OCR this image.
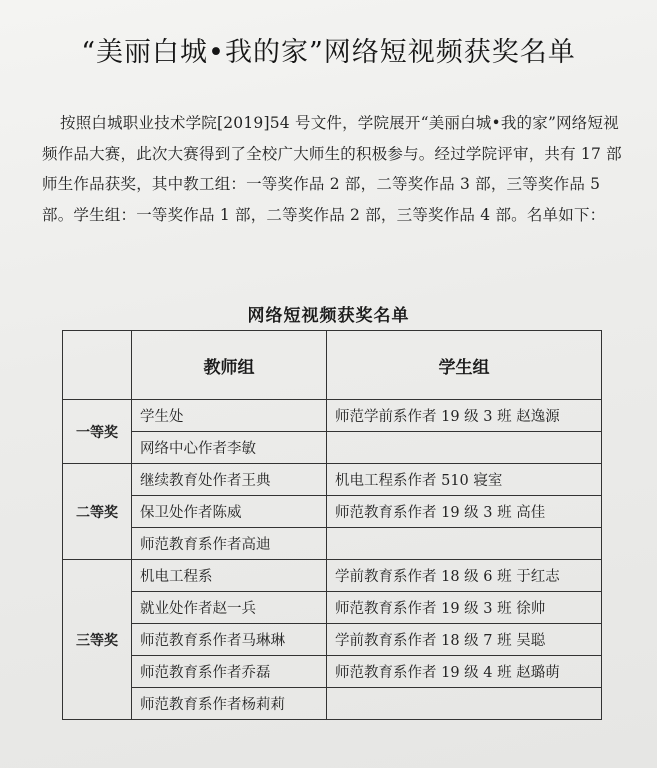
“美丽白城•我的家”网络短视频获奖名单
按照白城职业技术学院[2019]54 号文件，学院展开“美丽白城•我的家”网络短视频作品大赛，此次大赛得到了全校广大师生的积极参与。经过学院评审，共有 17 部师生作品获奖，其中教工组：一等奖作品 2 部，二等奖作品 3 部，三等奖作品 5 部。学生组：一等奖作品 1 部，二等奖作品 2 部，三等奖作品 4 部。名单如下：
网络短视频获奖名单
	教师组	学生组
一等奖	学生处	师范学前系作者 19 级 3 班 赵逸源
	网络中心作者李敏	
二等奖	继续教育处作者王典	机电工程系作者 510 寝室
	保卫处作者陈威	师范教育系作者 19 级 3 班 高佳
	师范教育系作者高迪	
三等奖	机电工程系	学前教育系作者 18 级 6 班 于红志
	就业处作者赵一兵	师范教育系作者 19 级 3 班 徐帅
	师范教育系作者马琳琳	学前教育系作者 18 级 7 班 吴聪
	师范教育系作者乔磊	师范教育系作者 19 级 4 班 赵璐萌
	师范教育系作者杨莉莉	
